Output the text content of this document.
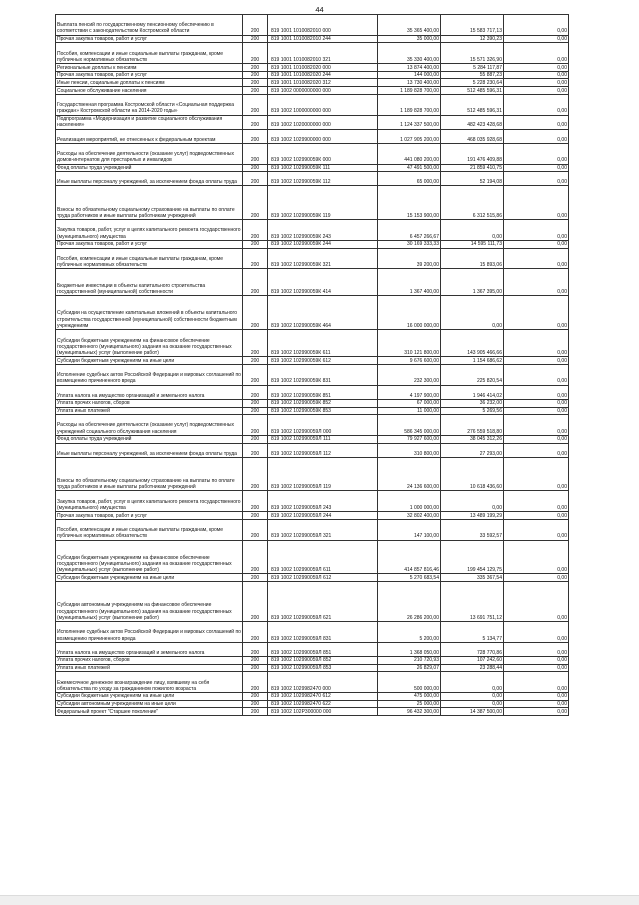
44
Выплата пенсий по государственному пенсионному обеспечению в соответствии с законодательством Костромской области	200	819 1001 1010082010 000	35 365 400,00	15 583 717,13	0,00
Прочая закупка товаров, работ и услуг	200	819 1001 1010082010 244	35 000,00	12 390,23	0,00
Пособия, компенсации и иные социальные выплаты гражданам, кроме публичных нормативных обязательств	200	819 1001 1010082010 321	35 330 400,00	15 571 326,90	0,00
Региональные доплаты к пенсиям	200	819 1001 1010082020 000	13 874 400,00	5 284 117,87	0,00
Прочая закупка товаров, работ и услуг	200	819 1001 1010082020 244	144 000,00	55 887,23	0,00
Иные пенсии, социальные доплаты к пенсиям	200	819 1001 1010082020 312	13 730 400,00	5 228 230,64	0,00
Социальное обслуживание населения	200	819 1002 0000000000 000	1 189 828 700,00	512 485 596,31	0,00
Государственная программа Костромской области «Социальная поддержка граждан» Костромской области на 2014-2020 годы»	200	819 1002 1000000000 000	1 189 828 700,00	512 485 596,31	0,00
Подпрограмма «Модернизация и развитие социального обслуживания населения»	200	819 1002 1020000000 000	1 124 337 500,00	482 423 428,68	0,00
Реализация мероприятий, не отнесенных к федеральным проектам	200	819 1002 1029900000 000	1 027 905 200,00	468 035 928,68	0,00
Расходы на обеспечение деятельности (оказание услуг) подведомственных домов-интернатов для престарелых и инвалидов	200	819 1002 102990059К 000	441 080 200,00	191 476 409,88	0,00
Фонд оплаты труда учреждений	200	819 1002 102990059К 111	47 491 500,00	21 859 410,75	0,00
Иные выплаты персоналу учреждений, за исключением фонда оплаты труда	200	819 1002 102990059К 112	65 000,00	52 194,08	0,00
Взносы по обязательному социальному страхованию на выплаты по оплате труда работников и иные выплаты работникам учреждений	200	819 1002 102990059К 119	15 153 900,00	6 312 515,86	0,00
Закупка товаров, работ, услуг в целях капитального ремонта государственного (муниципального) имущества	200	819 1002 102990059К 243	6 457 266,67	0,00	0,00
Прочая закупка товаров, работ и услуг	200	819 1002 102990059К 244	30 169 333,33	14 595 111,73	0,00
Пособия, компенсации и иные социальные выплаты гражданам, кроме публичных нормативных обязательств	200	819 1002 102990059К 321	39 200,00	15 893,06	0,00
Бюджетные инвестиции в объекты капитального строительства государственной (муниципальной) собственности	200	819 1002 102990059К 414	1 367 400,00	1 367 395,00	0,00
Субсидии на осуществление капитальных вложений в объекты капитального строительства государственной (муниципальной) собственности бюджетным учреждениям	200	819 1002 102990059К 464	16 000 000,00	0,00	0,00
Субсидии бюджетным учреждениям на финансовое обеспечение государственного (муниципального) задания на оказание государственных (муниципальных) услуг (выполнение работ)	200	819 1002 102990059К 611	310 121 800,00	143 905 466,66	0,00
Субсидии бюджетным учреждениям на иные цели	200	819 1002 102990059К 612	9 676 600,00	1 154 686,62	0,00
Исполнение судебных актов Российской Федерации и мировых соглашений по возмещению причиненного вреда	200	819 1002 102990059К 831	232 300,00	225 820,54	0,00
Уплата налога на имущество организаций и земельного налога	200	819 1002 102990059К 851	4 197 900,00	1 946 414,02	0,00
Уплата прочих налогов, сборов	200	819 1002 102990059К 852	67 000,00	36 232,00	0,00
Уплата иных платежей	200	819 1002 102990059К 853	11 000,00	5 269,56	0,00
Расходы на обеспечение деятельности (оказание услуг) подведомственных учреждений социального обслуживания населения	200	819 1002 102990059Л 000	586 345 000,00	276 559 518,80	0,00
Фонд оплаты труда учреждений	200	819 1002 102990059Л 111	79 927 600,00	38 045 312,26	0,00
Иные выплаты персоналу учреждений, за исключением фонда оплаты труда	200	819 1002 102990059Л 112	310 800,00	27 293,00	0,00
Взносы по обязательному социальному страхованию на выплаты по оплате труда работников и иные выплаты работникам учреждений	200	819 1002 102990059Л 119	24 136 600,00	10 618 436,60	0,00
Закупка товаров, работ, услуг в целях капитального ремонта государственного (муниципального) имущества	200	819 1002 102990059Л 243	1 000 000,00	0,00	0,00
Прочая закупка товаров, работ и услуг	200	819 1002 102990059Л 244	32 802 400,00	13 489 199,29	0,00
Пособия, компенсации и иные социальные выплаты гражданам, кроме публичных нормативных обязательств	200	819 1002 102990059Л 321	147 100,00	33 592,57	0,00
Субсидии бюджетным учреждениям на финансовое обеспечение государственного (муниципального) задания на оказание государственных (муниципальных) услуг (выполнение работ)	200	819 1002 102990059Л 611	414 857 816,46	199 454 129,75	0,00
Субсидии бюджетным учреждениям на иные цели	200	819 1002 102990059Л 612	5 270 683,54	335 367,54	0,00
Субсидии автономным учреждениям на финансовое обеспечение государственного (муниципального) задания на оказание государственных (муниципальных) услуг (выполнение работ)	200	819 1002 102990059Л 621	26 286 200,00	13 691 751,12	0,00
Исполнение судебных актов Российской Федерации и мировых соглашений по возмещению причиненного вреда	200	819 1002 102990059Л 831	5 200,00	5 134,77	0,00
Уплата налога на имущество организаций и земельного налога	200	819 1002 102990059Л 851	1 368 050,00	728 770,86	0,00
Уплата прочих налогов, сборов	200	819 1002 102990059Л 852	210 720,93	107 242,60	0,00
Уплата иных платежей	200	819 1002 102990059Л 853	26 829,07	23 288,44	0,00
Ежемесячное денежное вознаграждение лицу, взявшему на себя обязательства по уходу за гражданином пожилого возраста	200	819 1002 1029982470 000	500 000,00	0,00	0,00
Субсидии бюджетным учреждениям на иные цели	200	819 1002 1029982470 612	475 000,00	0,00	0,00
Субсидии автономным учреждениям на иные цели	200	819 1002 1029982470 622	25 000,00	0,00	0,00
Федеральный проект "Старшее поколение"	200	819 1002 102Р300000 000	96 432 300,00	14 387 500,00	0,00
